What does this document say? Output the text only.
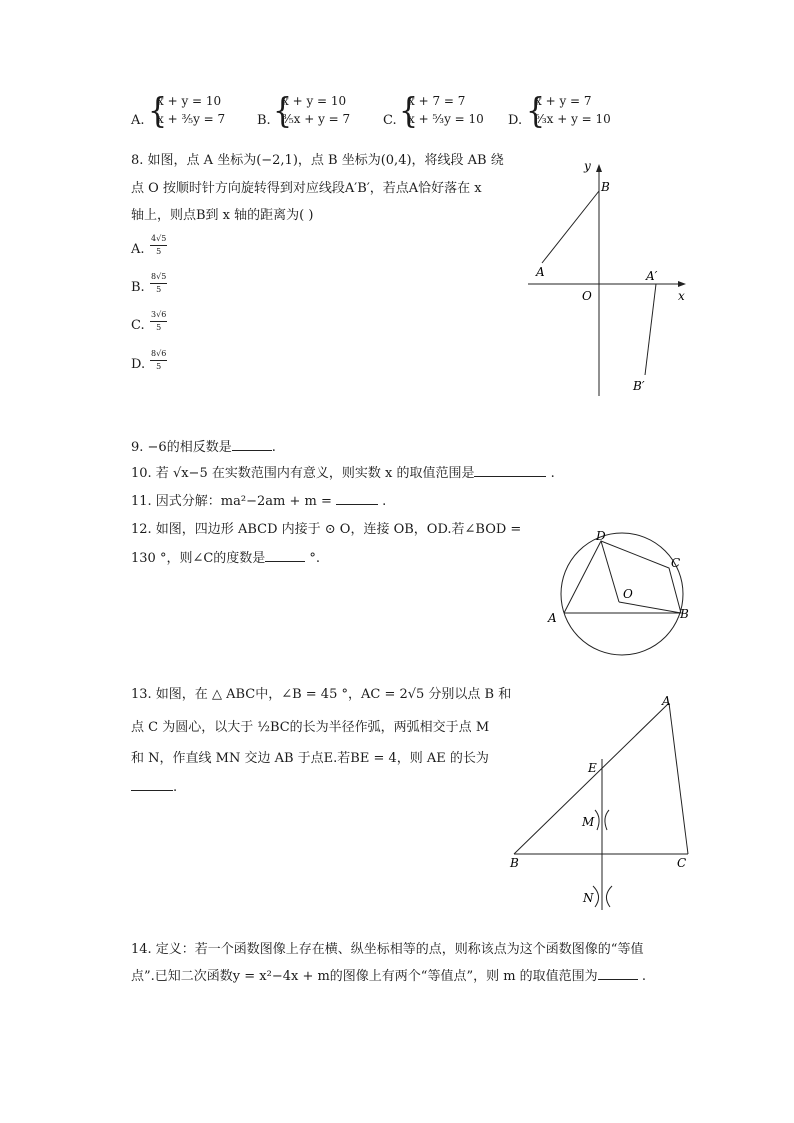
A. {
x + y = 10
x + ³⁄₅y = 7 B. {
x + y = 10
³⁄₅x + y = 7	C. {
x + 7 = 7
x + ⁵⁄₃y = 10 D. {
x + y = 7
⁵⁄₃x + y = 10
8. 如图，点 A 坐标为(−2,1)，点 B 坐标为(0,4)，将线段 AB 绕
点 O 按顺时针方向旋转得到对应线段A′B′，若点A恰好落在 x
轴上，则点B到 x 轴的距离为( )
A. $\frac{4√5}{5}$
B. $\frac{8√5}{5}$
C. $\frac{3√6}{5}$
D. $\frac{8√6}{5}$
y
x
B
A
O
A′
B′
9. −6的相反数是	.
10. 若 √x−5 在实数范围内有意义，则实数 x 的取值范围是	.
11. 因式分解：ma²−2am + m =	.
12. 如图，四边形 ABCD 内接于 ⊙ O，连接 OB，OD.若∠BOD =
130 °，则∠C的度数是	°.
D
C
O
A	B
13. 如图，在 △ ABC中，∠B = 45 °，AC = 2√5 分别以点 B 和
点 C 为圆心，以大于 ½BC的长为半径作弧，两弧相交于点 M
和 N，作直线 MN 交边 AB 于点E.若BE = 4，则 AE 的长为
.
A
E
M
B	C
N
14. 定义：若一个函数图像上存在横、纵坐标相等的点，则称该点为这个函数图像的“等值
点”.已知二次函数y = x²−4x + m的图像上有两个“等值点”，则 m 的取值范围为	.
